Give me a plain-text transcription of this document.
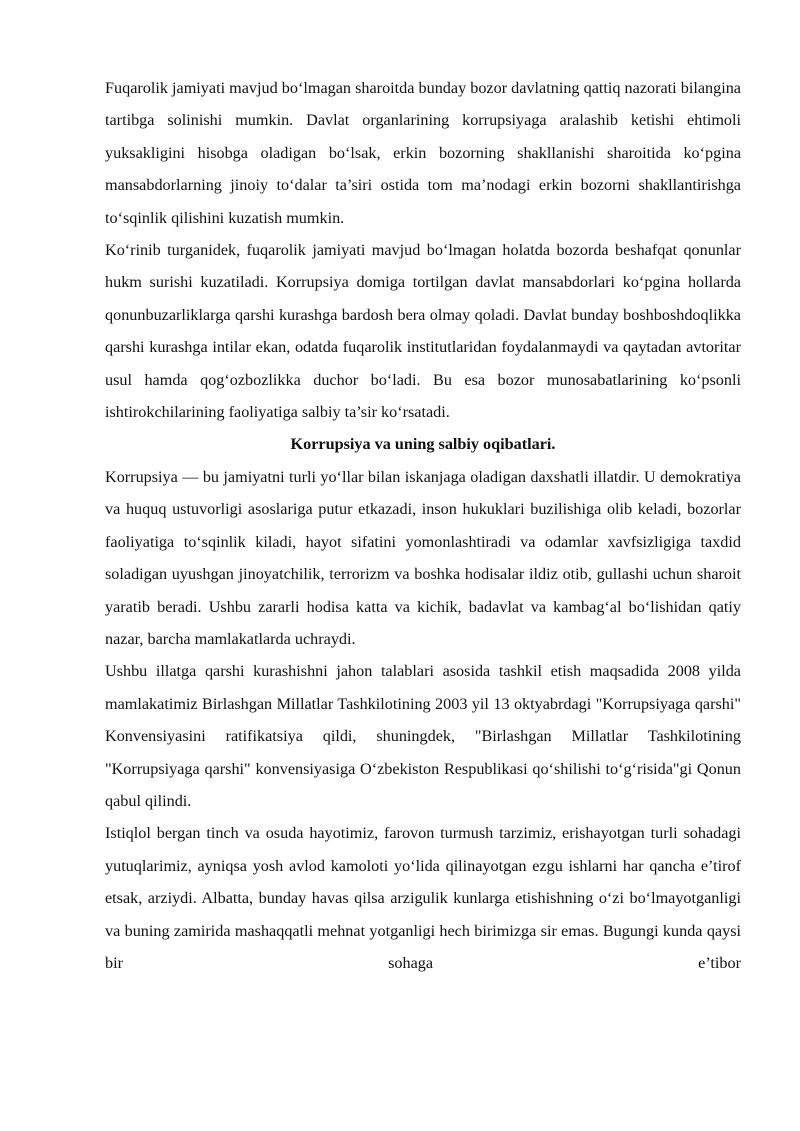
Fuqarolik jamiyati mavjud bo‘lmagan sharoitda bunday bozor davlatning qattiq nazorati bilangina tartibga solinishi mumkin. Davlat organlarining korrupsiyaga aralashib ketishi ehtimoli yuksakligini hisobga oladigan bo‘lsak, erkin bozorning shakllanishi sharoitida ko‘pgina mansabdorlarning jinoiy to‘dalar ta’siri ostida tom ma’nodagi erkin bozorni shakllantirishga to‘sqinlik qilishini kuzatish mumkin.

Ko‘rinib turganidek, fuqarolik jamiyati mavjud bo‘lmagan holatda bozorda beshafqat qonunlar hukm surishi kuzatiladi. Korrupsiya domiga tortilgan davlat mansabdorlari ko‘pgina hollarda qonunbuzarliklarga qarshi kurashga bardosh bera olmay qoladi. Davlat bunday boshboshdoqlikka qarshi kurashga intilar ekan, odatda fuqarolik institutlaridan foydalanmaydi va qaytadan avtoritar usul hamda qog‘ozbozlikka duchor bo‘ladi. Bu esa bozor munosabatlarining ko‘psonli ishtirokchilarining faoliyatiga salbiy ta’sir ko‘rsatadi.

Korrupsiya va uning salbiy oqibatlari.

Korrupsiya — bu jamiyatni turli yo‘llar bilan iskanjaga oladigan daxshatli illatdir. U demokratiya va huquq ustuvorligi asoslariga putur etkazadi, inson hukuklari buzilishiga olib keladi, bozorlar faoliyatiga to‘sqinlik kiladi, hayot sifatini yomonlashtiradi va odamlar xavfsizligiga taxdid soladigan uyushgan jinoyatchilik, terrorizm va boshka hodisalar ildiz otib, gullashi uchun sharoit yaratib beradi. Ushbu zararli hodisa katta va kichik, badavlat va kambag‘al bo‘lishidan qatiy nazar, barcha mamlakatlarda uchraydi.

Ushbu illatga qarshi kurashishni jahon talablari asosida tashkil etish maqsadida 2008 yilda mamlakatimiz Birlashgan Millatlar Tashkilotining 2003 yil 13 oktyabrdagi "Korrupsiyaga qarshi" Konvensiyasini ratifikatsiya qildi, shuningdek, "Birlashgan Millatlar Tashkilotining "Korrupsiyaga qarshi" konvensiyasiga O‘zbekiston Respublikasi qo‘shilishi to‘g‘risida"gi Qonun qabul qilindi.

Istiqlol bergan tinch va osuda hayotimiz, farovon turmush tarzimiz, erishayotgan turli sohadagi yutuqlarimiz, ayniqsa yosh avlod kamoloti yo‘lida qilinayotgan ezgu ishlarni har qancha e’tirof etsak, arziydi. Albatta, bunday havas qilsa arzigulik kunlarga etishishning o‘zi bo‘lmayotganligi va buning zamirida mashaqqatli mehnat yotganligi hech birimizga sir emas. Bugungi kunda qaysi bir sohaga e’tibor
